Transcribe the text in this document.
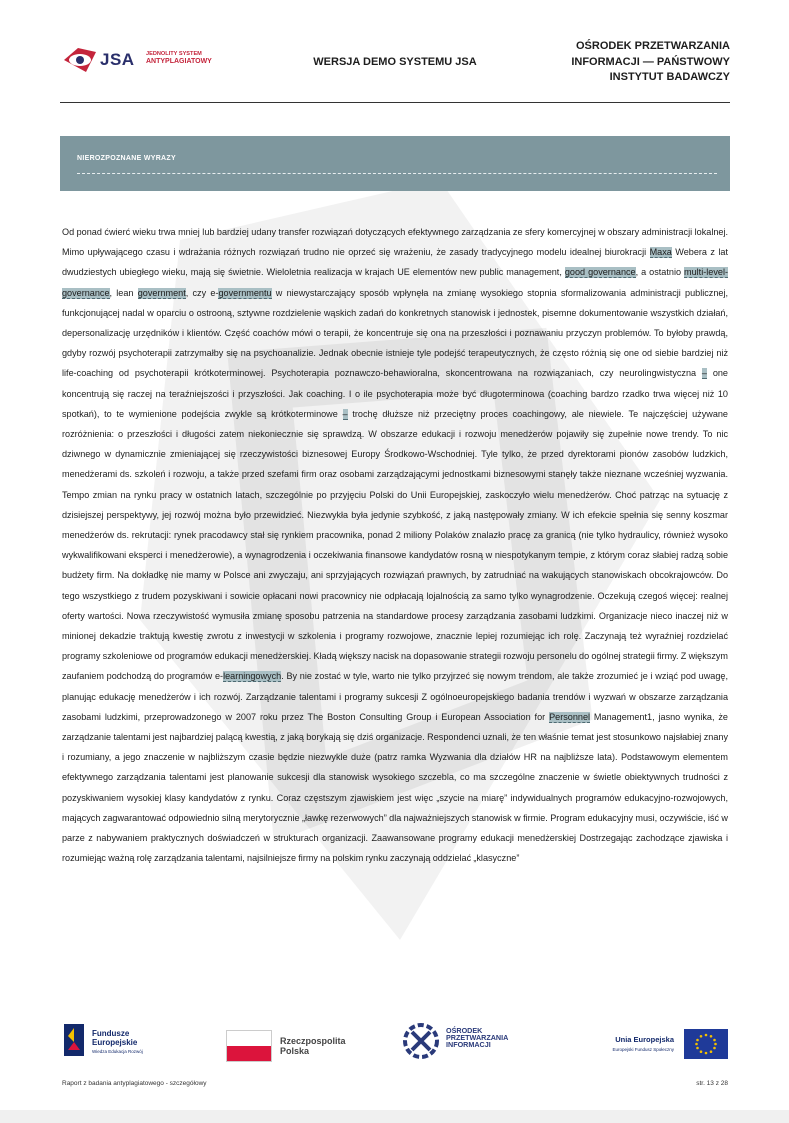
JSA JEDNOLITY SYSTEM
ANTYPLAGIATOWY	WERSJA DEMO SYSTEMU JSA
OŚRODEK PRZETWARZANIA
INFORMACJI — PAŃSTWOWY
INSTYTUT BADAWCZY
NIEROZPOZNANE WYRAZY
Od ponad ćwierć wieku trwa mniej lub bardziej udany transfer rozwiązań dotyczących efektywnego zarządzania ze sfery komercyjnej w obszary administracji lokalnej. Mimo upływającego czasu i wdrażania różnych rozwiązań trudno nie oprzeć się wrażeniu, że zasady tradycyjnego modelu idealnej biurokracji Maxa Webera z lat dwudziestych ubiegłego wieku, mają się świetnie. Wieloletnia realizacja w krajach UE elementów new public management, good governance, a ostatnio multi-level-governance, lean government, czy e-governmentu w niewystarczający sposób wpłynęła na zmianę wysokiego stopnia sformalizowania administracji publicznej, funkcjonującej nadal w oparciu o ostrooną, sztywne rozdzielenie wąskich zadań do konkretnych stanowisk i jednostek, pisemne dokumentowanie wszystkich działań, depersonalizację urzędników i klientów. Część coachów mówi o terapii, że koncentruje się ona na przeszłości i poznawaniu przyczyn problemów. To byłoby prawdą, gdyby rozwój psychoterapii zatrzymałby się na psychoanalizie. Jednak obecnie istnieje tyle podejść terapeutycznych, że często różnią się one od siebie bardziej niż life-coaching od psychoterapii krótkoterminowej. Psychoterapia poznawczo-behawioralna, skoncentrowana na rozwiązaniach, czy neurolingwistyczna – one koncentrują się raczej na teraźniejszości i przyszłości. Jak coaching. I o ile psychoterapia może być długoterminowa (coaching bardzo rzadko trwa więcej niż 10 spotkań), to te wymienione podejścia zwykle są krótkoterminowe – trochę dłuższe niż przeciętny proces coachingowy, ale niewiele. Te najczęściej używane rozróżnienia: o przeszłości i długości zatem niekoniecznie się sprawdzą. W obszarze edukacji i rozwoju menedżerów pojawiły się zupełnie nowe trendy. To nic dziwnego w dynamicznie zmieniającej się rzeczywistości biznesowej Europy Środkowo-Wschodniej. Tyle tylko, że przed dyrektorami pionów zasobów ludzkich, menedżerami ds. szkoleń i rozwoju, a także przed szefami firm oraz osobami zarządzającymi jednostkami biznesowymi stanęły także nieznane wcześniej wyzwania. Tempo zmian na rynku pracy w ostatnich latach, szczególnie po przyjęciu Polski do Unii Europejskiej, zaskoczyło wielu menedżerów. Choć patrząc na sytuację z dzisiejszej perspektywy, jej rozwój można było przewidzieć. Niezwykła była jedynie szybkość, z jaką następowały zmiany. W ich efekcie spełnia się senny koszmar menedżerów ds. rekrutacji: rynek pracodawcy stał się rynkiem pracownika, ponad 2 miliony Polaków znalazło pracę za granicą (nie tylko hydraulicy, również wysoko wykwalifikowani eksperci i menedżerowie), a wynagrodzenia i oczekiwania finansowe kandydatów rosną w niespotykanym tempie, z którym coraz słabiej radzą sobie budżety firm. Na dokładkę nie mamy w Polsce ani zwyczaju, ani sprzyjających rozwiązań prawnych, by zatrudniać na wakujących stanowiskach obcokrajowców. Do tego wszystkiego z trudem pozyskiwani i sowicie opłacani nowi pracownicy nie odpłacają lojalnością za samo tylko wynagrodzenie. Oczekują czegoś więcej: realnej oferty wartości. Nowa rzeczywistość wymusiła zmianę sposobu patrzenia na standardowe procesy zarządzania zasobami ludzkimi. Organizacje nieco inaczej niż w minionej dekadzie traktują kwestię zwrotu z inwestycji w szkolenia i programy rozwojowe, znacznie lepiej rozumiejąc ich rolę. Zaczynają też wyraźniej rozdzielać programy szkoleniowe od programów edukacji menedżerskiej. Kładą większy nacisk na dopasowanie strategii rozwoju personelu do ogólnej strategii firmy. Z większym zaufaniem podchodzą do programów e-learningowych. By nie zostać w tyle, warto nie tylko przyjrzeć się nowym trendom, ale także zrozumieć je i wziąć pod uwagę, planując edukację menedżerów i ich rozwój. Zarządzanie talentami i programy sukcesji Z ogólnoeuropejskiego badania trendów i wyzwań w obszarze zarządzania zasobami ludzkimi, przeprowadzonego w 2007 roku przez The Boston Consulting Group i European Association for Personnel Management1, jasno wynika, że zarządzanie talentami jest najbardziej palącą kwestią, z jaką borykają się dziś organizacje. Respondenci uznali, że ten właśnie temat jest stosunkowo najsłabiej znany i rozumiany, a jego znaczenie w najbliższym czasie będzie niezwykle duże (patrz ramka Wyzwania dla działów HR na najbliższe lata). Podstawowym elementem efektywnego zarządzania talentami jest planowanie sukcesji dla stanowisk wysokiego szczebla, co ma szczególne znaczenie w świetle obiektywnych trudności z pozyskiwaniem wysokiej klasy kandydatów z rynku. Coraz częstszym zjawiskiem jest więc „szycie na miarę” indywidualnych programów edukacyjno-rozwojowych, mających zagwarantować odpowiednio silną merytorycznie „ławkę rezerwowych” dla najważniejszych stanowisk w firmie. Program edukacyjny musi, oczywiście, iść w parze z nabywaniem praktycznych doświadczeń w strukturach organizacji. Zaawansowane programy edukacji menedżerskiej Dostrzegając zachodzące zjawiska i rozumiejąc ważną rolę zarządzania talentami, najsilniejsze firmy na polskim rynku zaczynają oddzielać „klasyczne”
Fundusze
Europejskie
Wiedza Edukacja Rozwój
Rzeczpospolita
Polska
OŚRODEK
PRZETWARZANIA
INFORMACJI
Unia Europejska
Europejski Fundusz Społeczny
Raport z badania antyplagiatowego - szczegółowy	str. 13 z 28
